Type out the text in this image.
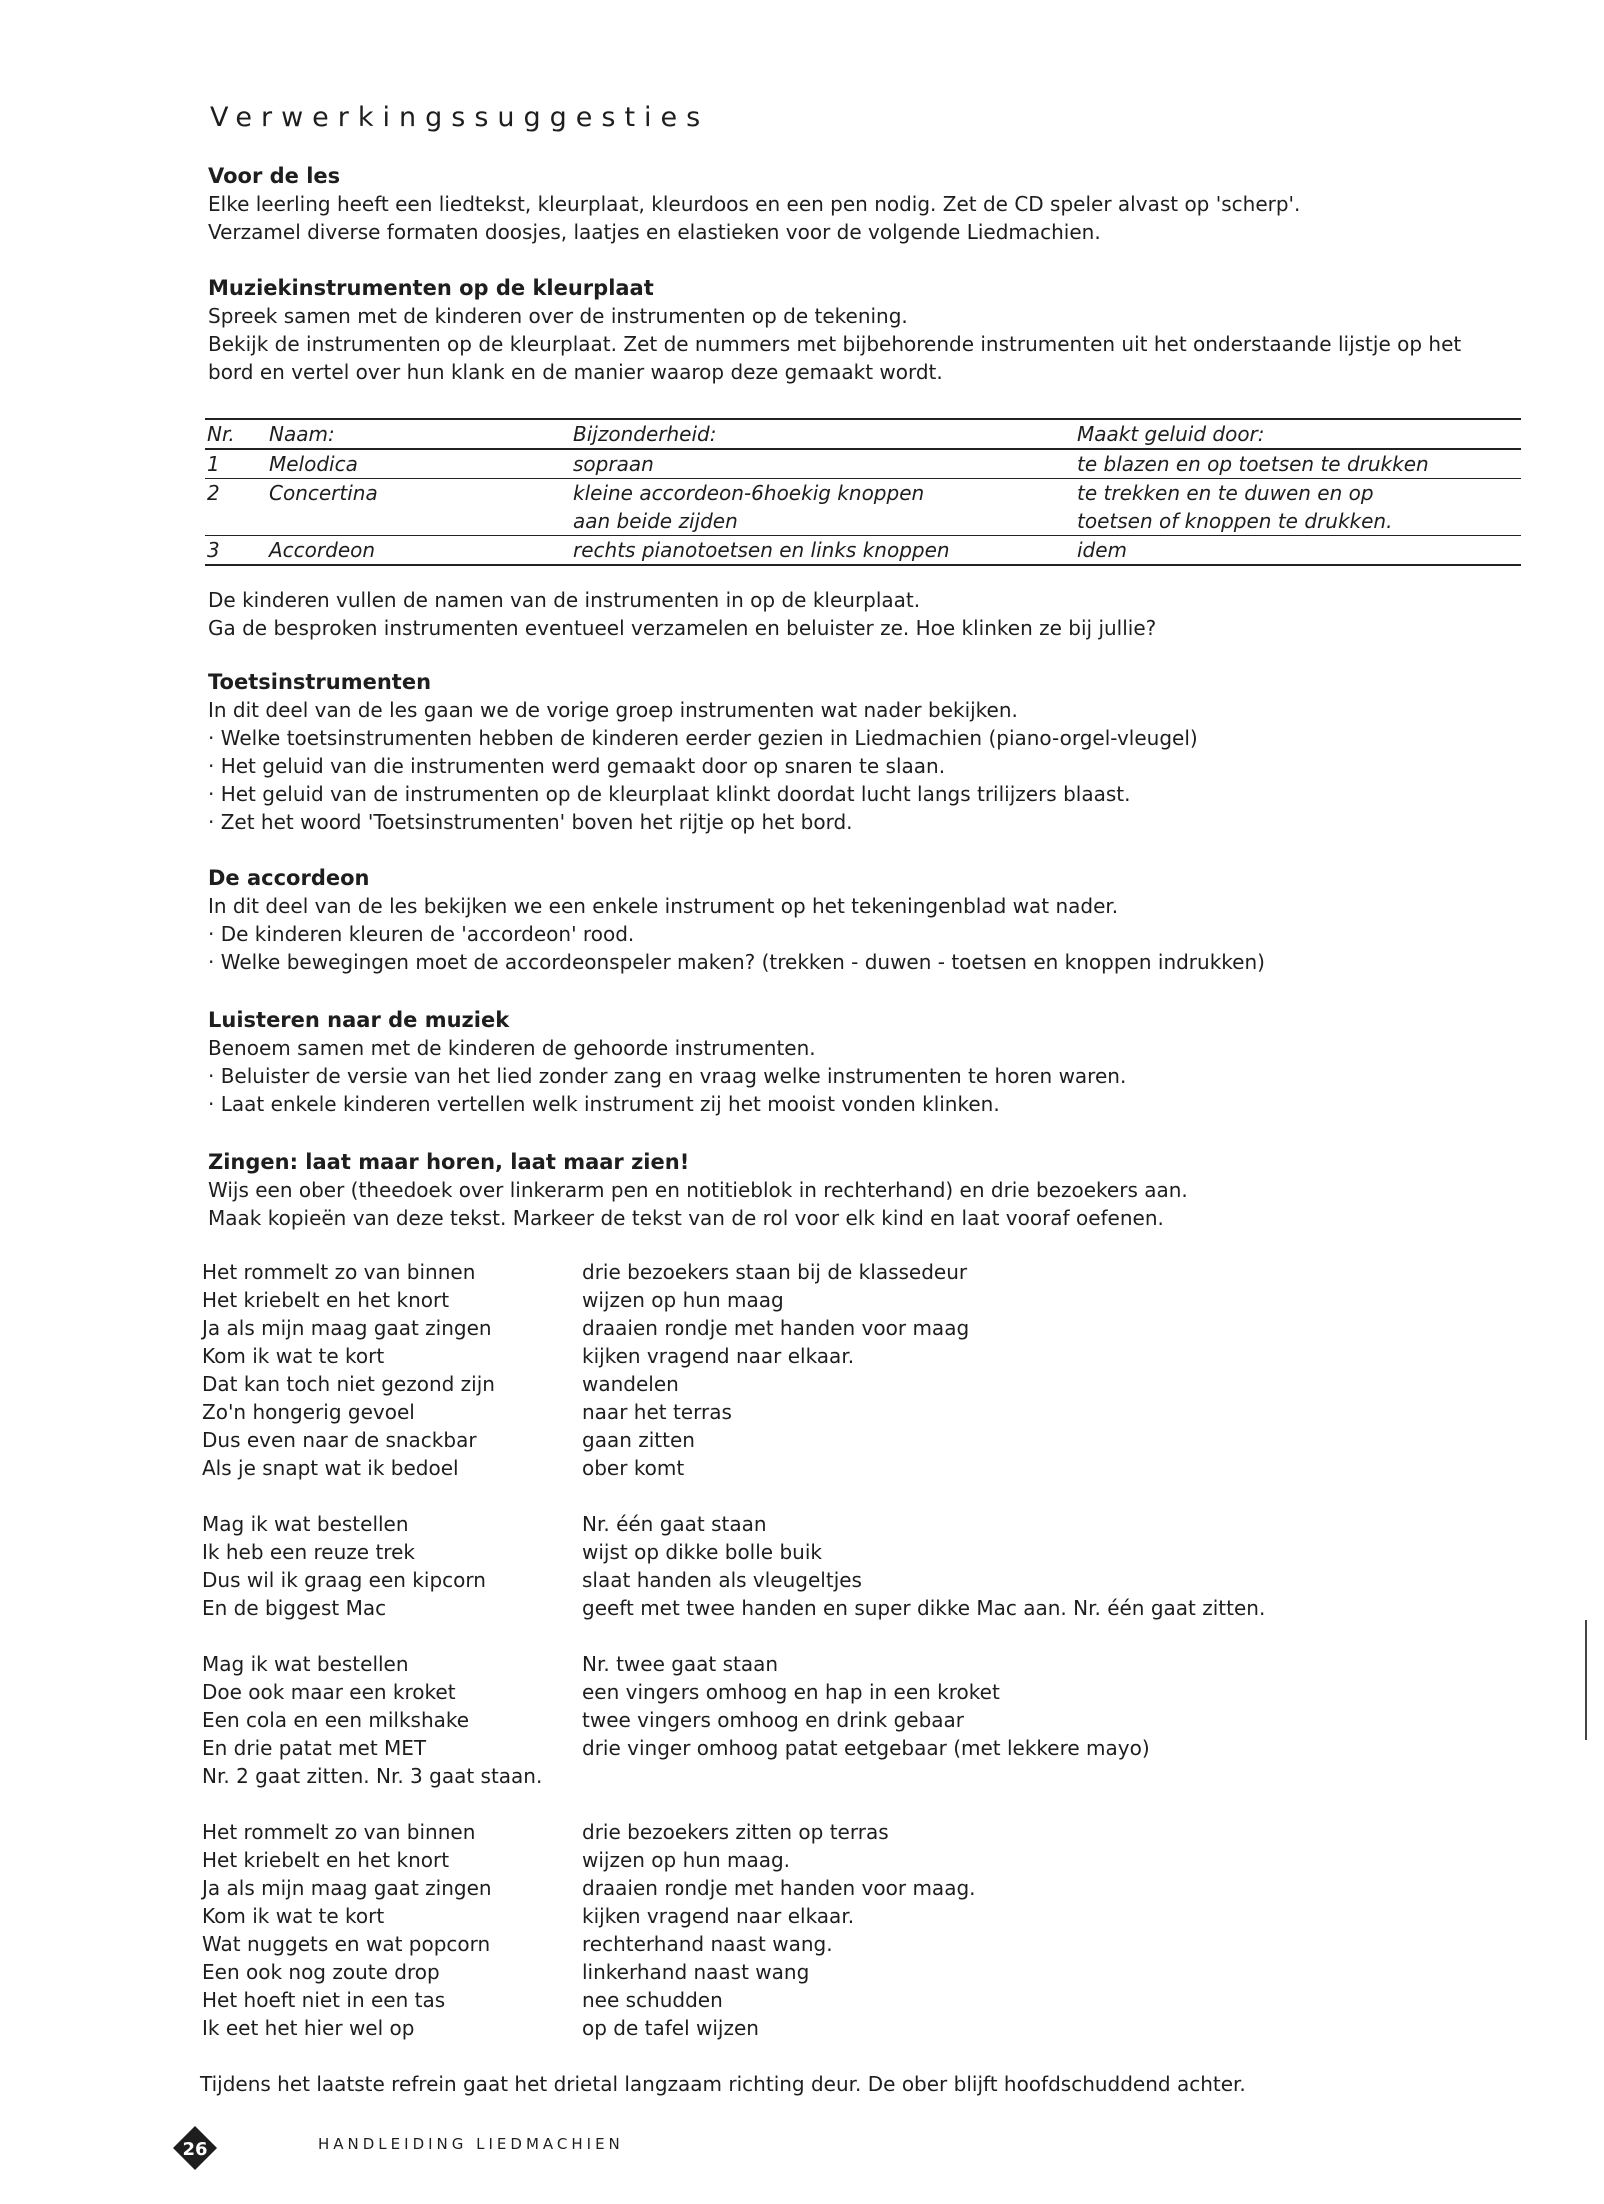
Verwerkingssuggesties
Voor de les

Elke leerling heeft een liedtekst, kleurplaat, kleurdoos en een pen nodig. Zet de CD speler alvast op 'scherp'.

Verzamel diverse formaten doosjes, laatjes en elastieken voor de volgende Liedmachien.

Muziekinstrumenten op de kleurplaat

Spreek samen met de kinderen over de instrumenten op de tekening.

Bekijk de instrumenten op de kleurplaat. Zet de nummers met bijbehorende instrumenten uit het onderstaande lijstje op het

bord en vertel over hun klank en de manier waarop deze gemaakt wordt.

Nr.	Naam:	Bijzonderheid:	Maakt geluid door:
1	Melodica	sopraan	te blazen en op toetsen te drukken
2	Concertina	kleine accordeon-6hoekig knoppen	te trekken en te duwen en op
		aan beide zijden	toetsen of knoppen te drukken.
3	Accordeon	rechts pianotoetsen en links knoppen	idem

De kinderen vullen de namen van de instrumenten in op de kleurplaat.

Ga de besproken instrumenten eventueel verzamelen en beluister ze. Hoe klinken ze bij jullie?

Toetsinstrumenten

In dit deel van de les gaan we de vorige groep instrumenten wat nader bekijken.

· Welke toetsinstrumenten hebben de kinderen eerder gezien in Liedmachien (piano-orgel-vleugel)

· Het geluid van die instrumenten werd gemaakt door op snaren te slaan.

· Het geluid van de instrumenten op de kleurplaat klinkt doordat lucht langs trilijzers blaast.

· Zet het woord 'Toetsinstrumenten' boven het rijtje op het bord.

De accordeon

In dit deel van de les bekijken we een enkele instrument op het tekeningenblad wat nader.

· De kinderen kleuren de 'accordeon' rood.

· Welke bewegingen moet de accordeonspeler maken? (trekken - duwen - toetsen en knoppen indrukken)

Luisteren naar de muziek

Benoem samen met de kinderen de gehoorde instrumenten.

· Beluister de versie van het lied zonder zang en vraag welke instrumenten te horen waren.

· Laat enkele kinderen vertellen welk instrument zij het mooist vonden klinken.

Zingen: laat maar horen, laat maar zien!

Wijs een ober (theedoek over linkerarm pen en notitieblok in rechterhand) en drie bezoekers aan.

Maak kopieën van deze tekst. Markeer de tekst van de rol voor elk kind en laat vooraf oefenen.

Het rommelt zo van binnen	drie bezoekers staan bij de klassedeur
Het kriebelt en het knort	wijzen op hun maag
Ja als mijn maag gaat zingen	draaien rondje met handen voor maag
Kom ik wat te kort	kijken vragend naar elkaar.
Dat kan toch niet gezond zijn	wandelen
Zo'n hongerig gevoel	naar het terras
Dus even naar de snackbar	gaan zitten
Als je snapt wat ik bedoel	ober komt
Mag ik wat bestellen	Nr. één gaat staan
Ik heb een reuze trek	wijst op dikke bolle buik
Dus wil ik graag een kipcorn	slaat handen als vleugeltjes
En de biggest Mac	geeft met twee handen en super dikke Mac aan. Nr. één gaat zitten.
Mag ik wat bestellen	Nr. twee gaat staan
Doe ook maar een kroket	een vingers omhoog en hap in een kroket
Een cola en een milkshake	twee vingers omhoog en drink gebaar
En drie patat met MET	drie vinger omhoog patat eetgebaar (met lekkere mayo)
Nr. 2 gaat zitten. Nr. 3 gaat staan.
Het rommelt zo van binnen	drie bezoekers zitten op terras
Het kriebelt en het knort	wijzen op hun maag.
Ja als mijn maag gaat zingen	draaien rondje met handen voor maag.
Kom ik wat te kort	kijken vragend naar elkaar.
Wat nuggets en wat popcorn	rechterhand naast wang.
Een ook nog zoute drop	linkerhand naast wang
Het hoeft niet in een tas	nee schudden
Ik eet het hier wel op	op de tafel wijzen
Tijdens het laatste refrein gaat het drietal langzaam richting deur. De ober blijft hoofdschuddend achter.
26	HANDLEIDING LIEDMACHIEN
